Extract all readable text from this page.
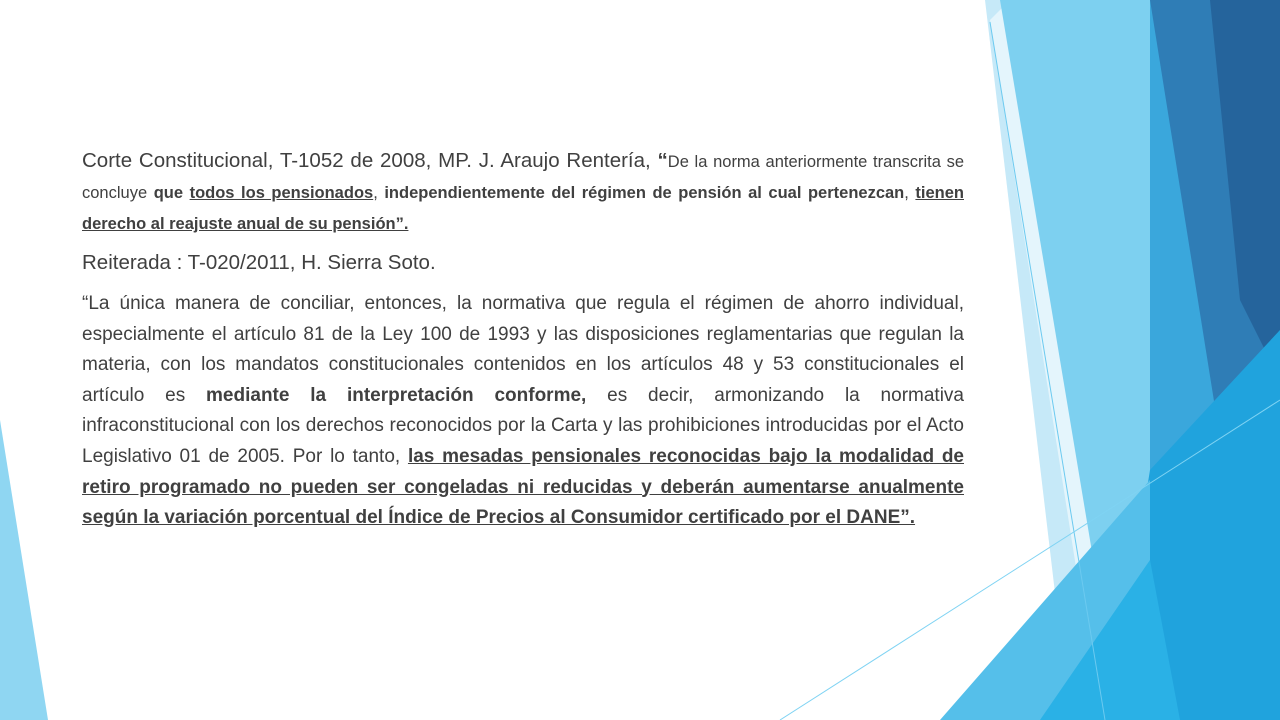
Corte Constitucional, T-1052 de 2008, MP. J. Araujo Rentería, “De la norma anteriormente transcrita se concluye que todos los pensionados, independientemente del régimen de pensión al cual pertenezcan, tienen derecho al reajuste anual de su pensión”.

Reiterada : T-020/2011, H. Sierra Soto.

“La única manera de conciliar, entonces, la normativa que regula el régimen de ahorro individual, especialmente el artículo 81 de la Ley 100 de 1993 y las disposiciones reglamentarias que regulan la materia, con los mandatos constitucionales contenidos en los artículos 48 y 53 constitucionales el artículo es mediante la interpretación conforme, es decir, armonizando la normativa infraconstitucional con los derechos reconocidos por la Carta y las prohibiciones introducidas por el Acto Legislativo 01 de 2005. Por lo tanto, las mesadas pensionales reconocidas bajo la modalidad de retiro programado no pueden ser congeladas ni reducidas y deberán aumentarse anualmente según la variación porcentual del Índice de Precios al Consumidor certificado por el DANE”.
